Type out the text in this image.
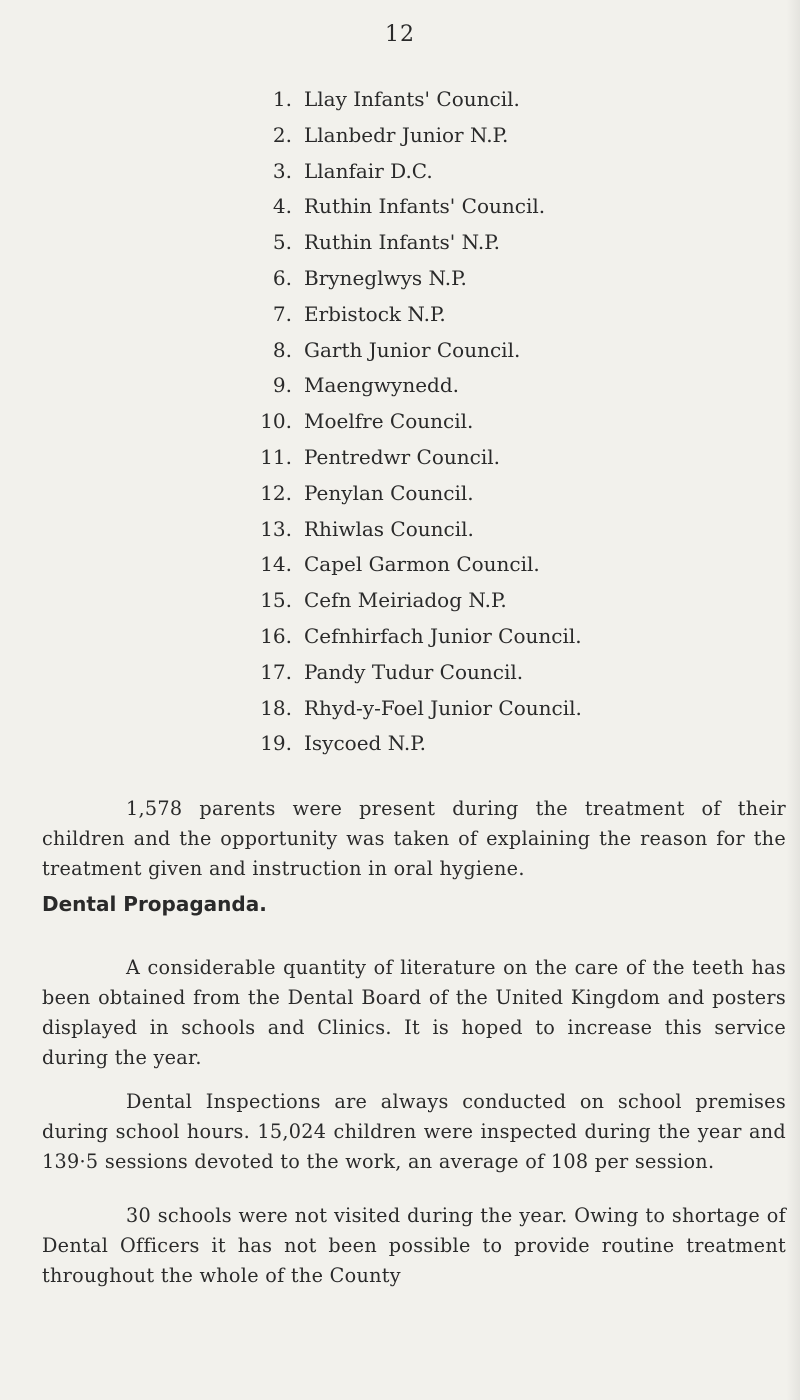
12
1. Llay Infants' Council.
2. Llanbedr Junior N.P.
3. Llanfair D.C.
4. Ruthin Infants' Council.
5. Ruthin Infants' N.P.
6. Bryneglwys N.P.
7. Erbistock N.P.
8. Garth Junior Council.
9. Maengwynedd.
10. Moelfre Council.
11. Pentredwr Council.
12. Penylan Council.
13. Rhiwlas Council.
14. Capel Garmon Council.
15. Cefn Meiriadog N.P.
16. Cefnhirfach Junior Council.
17. Pandy Tudur Council.
18. Rhyd-y-Foel Junior Council.
19. Isycoed N.P.

1,578 parents were present during the treatment of their children and the opportunity was taken of explaining the reason for the treatment given and instruction in oral hygiene.

Dental Propaganda.

A considerable quantity of literature on the care of the teeth has been obtained from the Dental Board of the United Kingdom and posters displayed in schools and Clinics. It is hoped to increase this service during the year.

Dental Inspections are always conducted on school premises during school hours. 15,024 children were inspected during the year and 139·5 sessions devoted to the work, an average of 108 per session.

30 schools were not visited during the year. Owing to shortage of Dental Officers it has not been possible to provide routine treatment throughout the whole of the County
